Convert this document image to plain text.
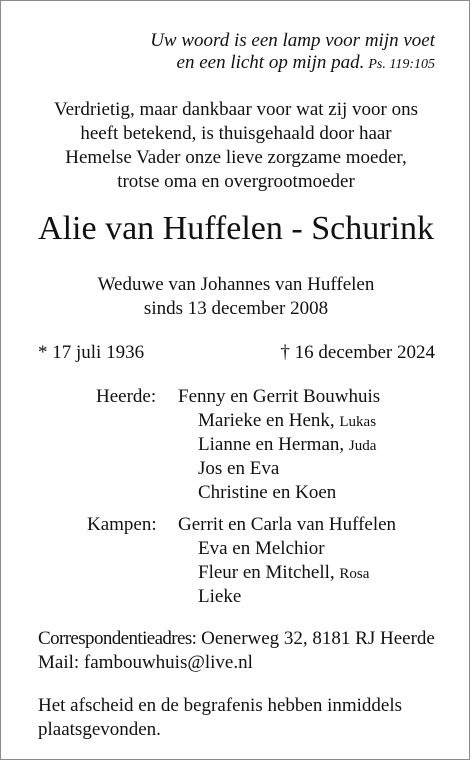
Uw woord is een lamp voor mijn voet
en een licht op mijn pad. Ps. 119:105
Verdrietig, maar dankbaar voor wat zij voor ons
heeft betekend, is thuisgehaald door haar
Hemelse Vader onze lieve zorgzame moeder,
trotse oma en overgrootmoeder
Alie van Huffelen - Schurink
Weduwe van Johannes van Huffelen
sinds 13 december 2008
* 17 juli 1936	† 16 december 2024
Heerde: Fenny en Gerrit Bouwhuis
Marieke en Henk, Lukas
Lianne en Herman, Juda
Jos en Eva
Christine en Koen
Kampen: Gerrit en Carla van Huffelen
Eva en Melchior
Fleur en Mitchell, Rosa
Lieke
Correspondentieadres: Oenerweg 32, 8181 RJ Heerde
Mail: fambouwhuis@live.nl
Het afscheid en de begrafenis hebben inmiddels
plaatsgevonden.
